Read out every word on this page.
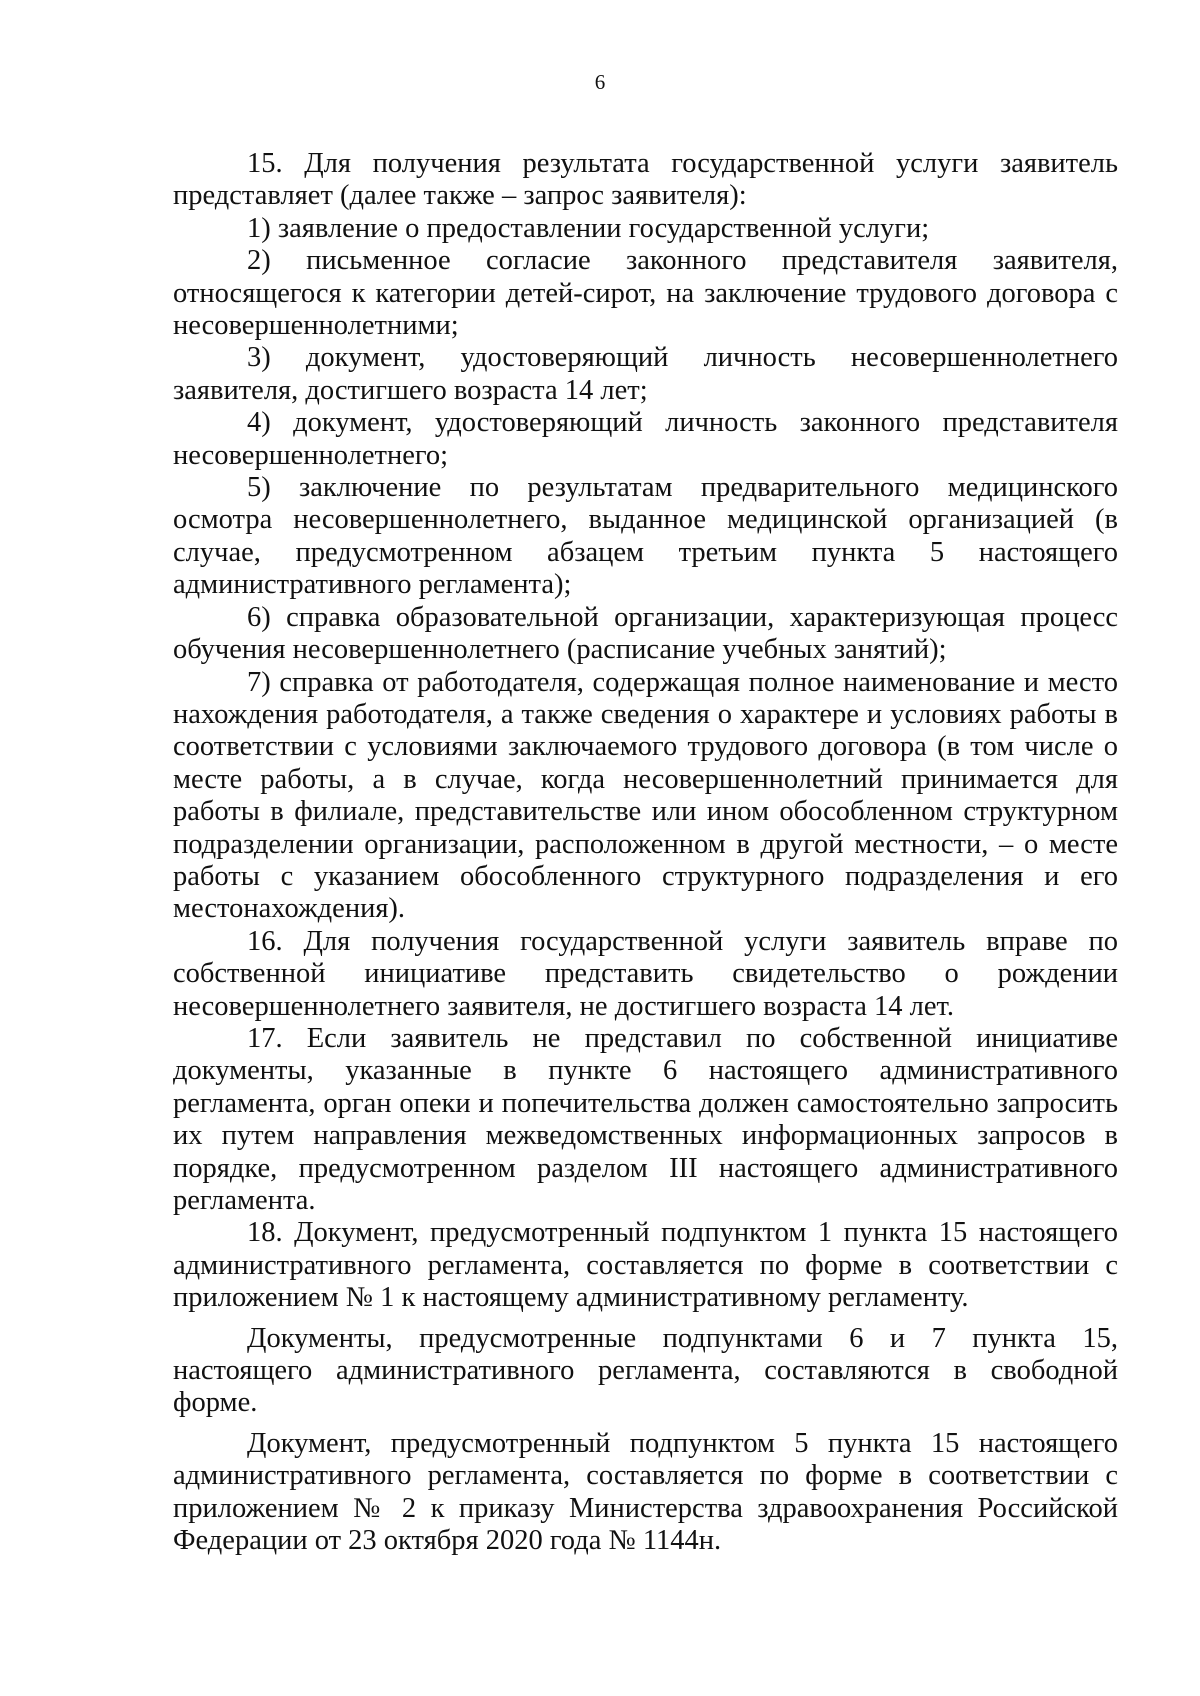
6

15. Для получения результата государственной услуги заявитель представляет (далее также – запрос заявителя):

1) заявление о предоставлении государственной услуги;

2) письменное согласие законного представителя заявителя, относящегося к категории детей-сирот, на заключение трудового договора с несовершеннолетними;

3) документ, удостоверяющий личность несовершеннолетнего заявителя, достигшего возраста 14 лет;

4) документ, удостоверяющий личность законного представителя несовершеннолетнего;

5) заключение по результатам предварительного медицинского осмотра несовершеннолетнего, выданное медицинской организацией (в случае, предусмотренном абзацем третьим пункта 5 настоящего административного регламента);

6) справка образовательной организации, характеризующая процесс обучения несовершеннолетнего (расписание учебных занятий);

7) справка от работодателя, содержащая полное наименование и место нахождения работодателя, а также сведения о характере и условиях работы в соответствии с условиями заключаемого трудового договора (в том числе о месте работы, а в случае, когда несовершеннолетний принимается для работы в филиале, представительстве или ином обособленном структурном подразделении организации, расположенном в другой местности, – о месте работы с указанием обособленного структурного подразделения и его местонахождения).

16. Для получения государственной услуги заявитель вправе по собственной инициативе представить свидетельство о рождении несовершеннолетнего заявителя, не достигшего возраста 14 лет.

17. Если заявитель не представил по собственной инициативе документы, указанные в пункте 6 настоящего административного регламента, орган опеки и попечительства должен самостоятельно запросить их путем направления межведомственных информационных запросов в порядке, предусмотренном разделом III настоящего административного регламента.

18. Документ, предусмотренный подпунктом 1 пункта 15 настоящего административного регламента, составляется по форме в соответствии с приложением № 1 к настоящему административному регламенту.

Документы, предусмотренные подпунктами 6 и 7 пункта 15, настоящего административного регламента, составляются в свободной форме.

Документ, предусмотренный подпунктом 5 пункта 15 настоящего административного регламента, составляется по форме в соответствии с приложением № 2 к приказу Министерства здравоохранения Российской Федерации от 23 октября 2020 года № 1144н.
